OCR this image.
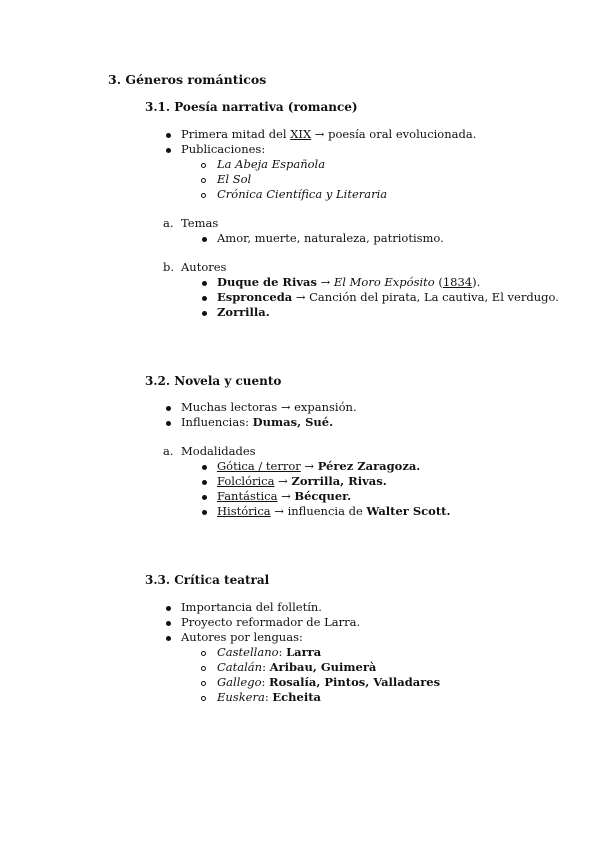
3. Géneros románticos
3.1. Poesía narrativa (romance)
Primera mitad del XIX → poesía oral evolucionada.
Publicaciones:
La Abeja Española
El Sol
Crónica Científica y Literaria
a. Temas
Amor, muerte, naturaleza, patriotismo.
b. Autores
Duque de Rivas → El Moro Expósito (1834).
Espronceda → Canción del pirata, La cautiva, El verdugo.
Zorrilla.
3.2. Novela y cuento
Muchas lectoras → expansión.
Influencias: Dumas, Sué.
a. Modalidades
Gótica / terror → Pérez Zaragoza.
Folclórica → Zorrilla, Rivas.
Fantástica → Bécquer.
Histórica → influencia de Walter Scott.
3.3. Crítica teatral
Importancia del folletín.
Proyecto reformador de Larra.
Autores por lenguas:
Castellano: Larra
Catalán: Aribau, Guimerà
Gallego: Rosalía, Pintos, Valladares
Euskera: Echeita
